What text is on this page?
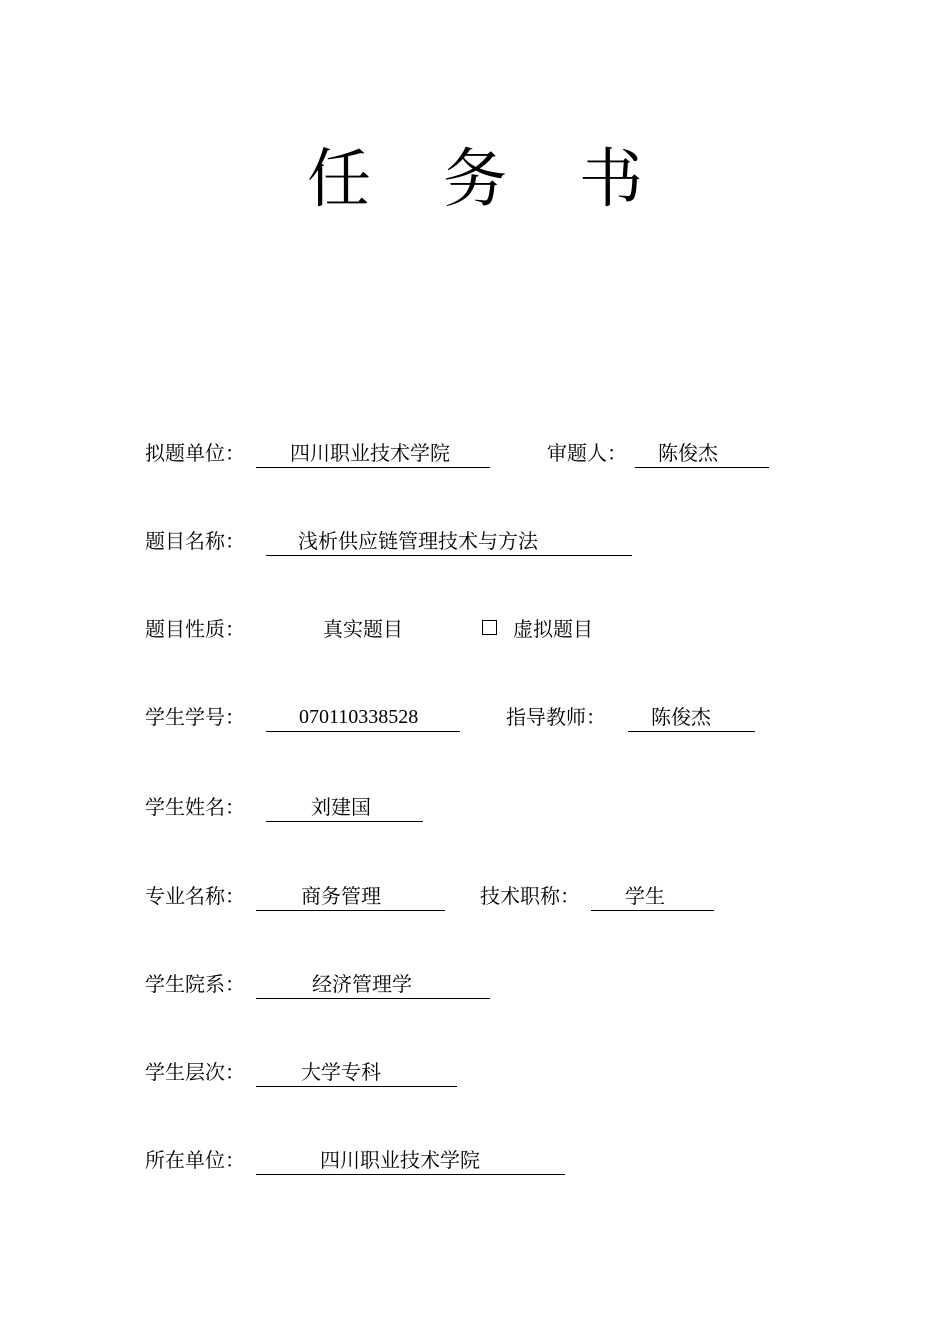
任 务 书
拟题单位： 四川职业技术学院	审题人： 陈俊杰
题目名称：	浅析供应链管理技术与方法
题目性质：	真实题目	虚拟题目
学生学号：	070110338528	指导教师： 陈俊杰
学生姓名：	刘建国
专业名称：	商务管理	技术职称： 学生
学生院系：	经济管理学
学生层次：	大学专科
所在单位：	四川职业技术学院
